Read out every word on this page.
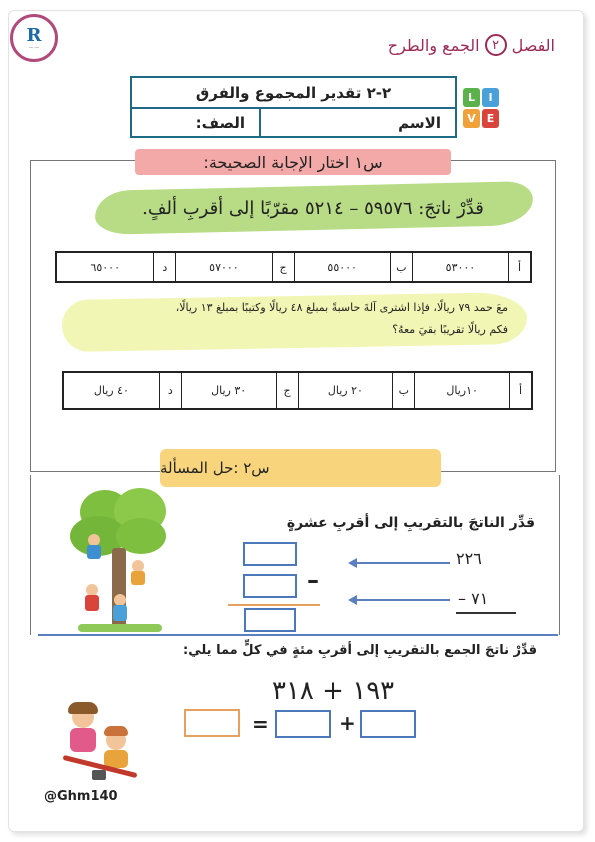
R
—◦—	الفصل
٢
الجمع والطرح
٢-٢ تقدير المجموع والفرق
الاسم
الصف:
L	I
V E
س١ اختار الإجابة الصحيحة:
قدِّرْ ناتجَ: ٥٩٥٧٦ – ٥٢١٤ مقرّبًا إلى أقربِ ألفٍ.
أ
٥٣٠٠٠
ب
٥٥٠٠٠
ج
٥٧٠٠٠
د
٦٥٠٠٠
معَ حمد ٧٩ ريالًا، فإذا اشترى آلةَ حاسبةً بمبلغ ٤٨ ريالًا وكتيبًا بمبلغ ١٣ ريالًا،
فكم ريالًا تقريبًا بقيَ معهُ؟
أ
١٠ريال
ب
٢٠ ريال
ج
٣٠ ريال
د
٤٠ ريال
س٢ :حل المسألة
قدِّر الناتجَ بالتقريبِ إلى أقربِ عشرةٍ
٢٢٦
٧١ –
–
قدِّرْ ناتجَ الجمع بالتقريبِ إلى أقربِ مئةٍ في كلٍّ مما يلي:
١٩٣ + ٣١٨
=	+
@Ghm140
